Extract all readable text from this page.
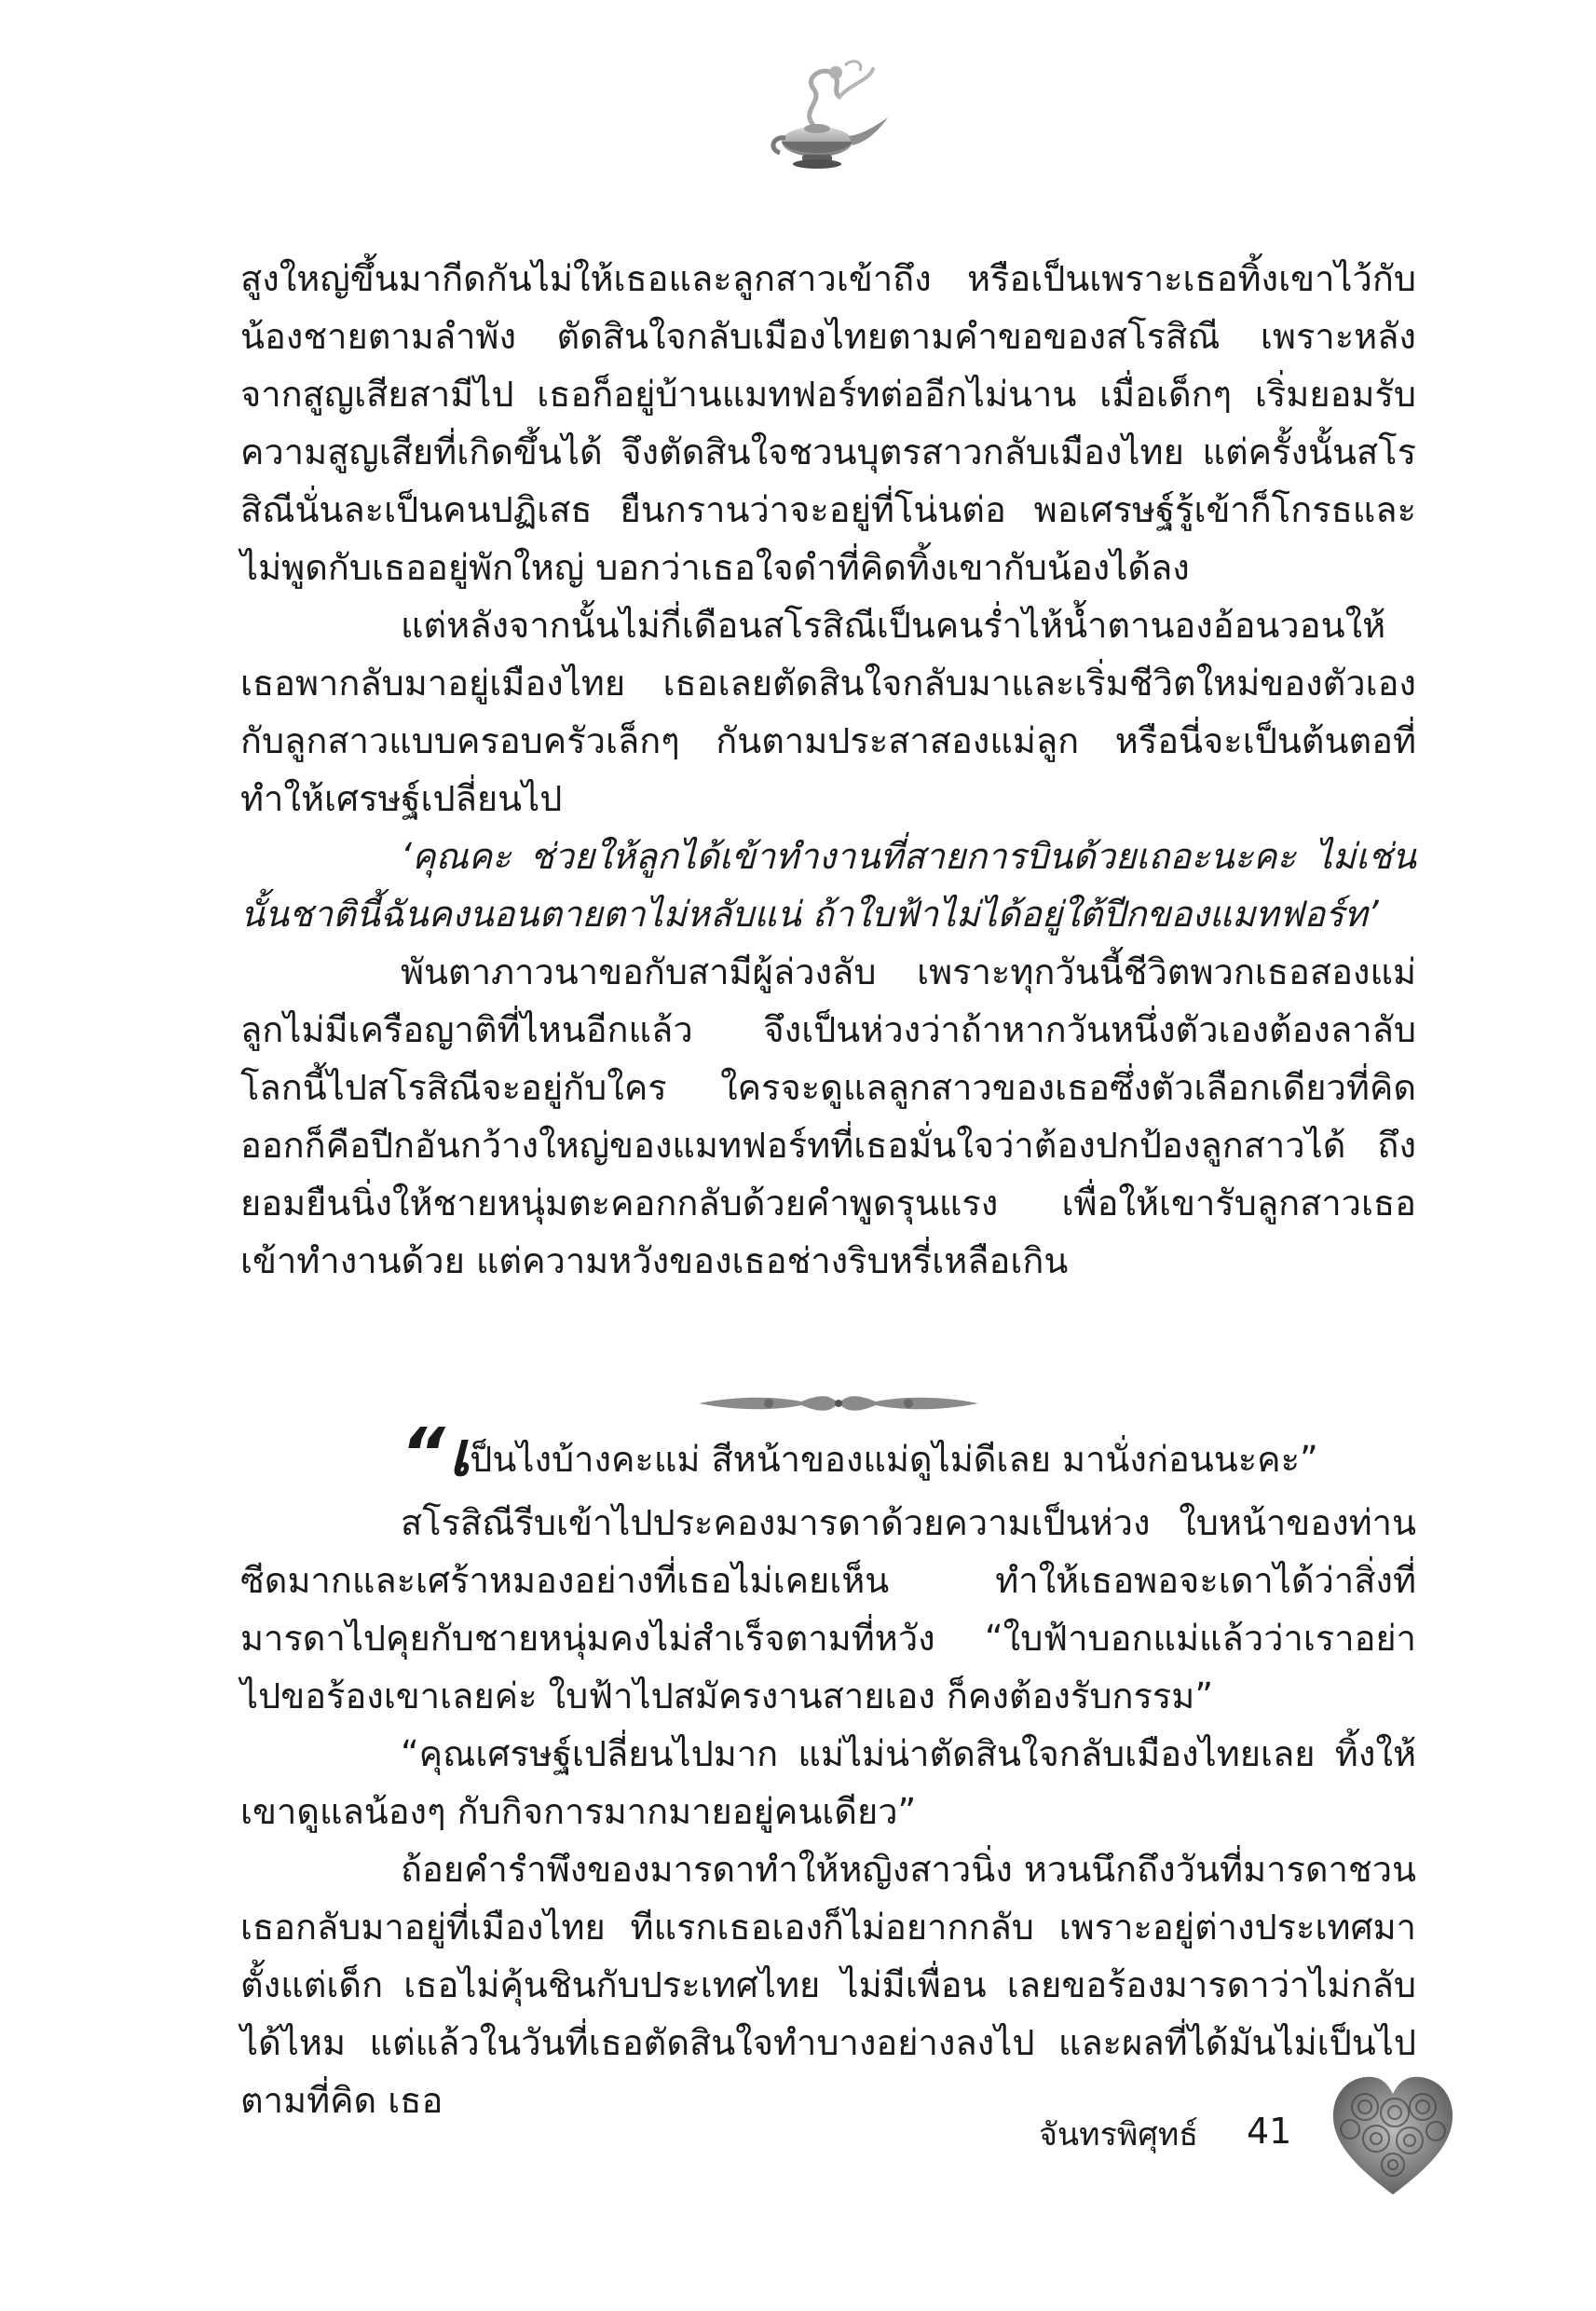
สูงใหญ่ขึ้นมากีดกันไม่ให้เธอและลูกสาวเข้าถึง หรือเป็นเพราะเธอทิ้งเขาไว้กับน้องชายตามลำพัง ตัดสินใจกลับเมืองไทยตามคำขอของสโรสิณี เพราะหลังจากสูญเสียสามีไป เธอก็อยู่บ้านแมทฟอร์ทต่ออีกไม่นาน เมื่อเด็กๆ เริ่มยอมรับความสูญเสียที่เกิดขึ้นได้ จึงตัดสินใจชวนบุตรสาวกลับเมืองไทย แต่ครั้งนั้นสโรสิณีนั่นละเป็นคนปฏิเสธ ยืนกรานว่าจะอยู่ที่โน่นต่อ พอเศรษฐ์รู้เข้าก็โกรธและไม่พูดกับเธออยู่พักใหญ่ บอกว่าเธอใจดำที่คิดทิ้งเขากับน้องได้ลง

แต่หลังจากนั้นไม่กี่เดือนสโรสิณีเป็นคนร่ำไห้น้ำตานองอ้อนวอนให้เธอพากลับมาอยู่เมืองไทย เธอเลยตัดสินใจกลับมาและเริ่มชีวิตใหม่ของตัวเองกับลูกสาวแบบครอบครัวเล็กๆ กันตามประสาสองแม่ลูก หรือนี่จะเป็นต้นตอที่ทำให้เศรษฐ์เปลี่ยนไป

‘คุณคะ ช่วยให้ลูกได้เข้าทำงานที่สายการบินด้วยเถอะนะคะ ไม่เช่นนั้นชาตินี้ฉันคงนอนตายตาไม่หลับแน่ ถ้าใบฟ้าไม่ได้อยู่ใต้ปีกของแมทฟอร์ท’

พันตาภาวนาขอกับสามีผู้ล่วงลับ เพราะทุกวันนี้ชีวิตพวกเธอสองแม่ลูกไม่มีเครือญาติที่ไหนอีกแล้ว จึงเป็นห่วงว่าถ้าหากวันหนึ่งตัวเองต้องลาลับโลกนี้ไปสโรสิณีจะอยู่กับใคร ใครจะดูแลลูกสาวของเธอซึ่งตัวเลือกเดียวที่คิดออกก็คือปีกอันกว้างใหญ่ของแมทฟอร์ทที่เธอมั่นใจว่าต้องปกป้องลูกสาวได้ ถึงยอมยืนนิ่งให้ชายหนุ่มตะคอกกลับด้วยคำพูดรุนแรง เพื่อให้เขารับลูกสาวเธอเข้าทำงานด้วย แต่ความหวังของเธอช่างริบหรี่เหลือเกิน

“เป็นไงบ้างคะแม่ สีหน้าของแม่ดูไม่ดีเลย มานั่งก่อนนะคะ”

สโรสิณีรีบเข้าไปประคองมารดาด้วยความเป็นห่วง ใบหน้าของท่านซีดมากและเศร้าหมองอย่างที่เธอไม่เคยเห็น ทำให้เธอพอจะเดาได้ว่าสิ่งที่มารดาไปคุยกับชายหนุ่มคงไม่สำเร็จตามที่หวัง “ใบฟ้าบอกแม่แล้วว่าเราอย่าไปขอร้องเขาเลยค่ะ ใบฟ้าไปสมัครงานสายเอง ก็คงต้องรับกรรม”

“คุณเศรษฐ์เปลี่ยนไปมาก แม่ไม่น่าตัดสินใจกลับเมืองไทยเลย ทิ้งให้เขาดูแลน้องๆ กับกิจการมากมายอยู่คนเดียว”

ถ้อยคำรำพึงของมารดาทำให้หญิงสาวนิ่ง หวนนึกถึงวันที่มารดาชวนเธอกลับมาอยู่ที่เมืองไทย ทีแรกเธอเองก็ไม่อยากกลับ เพราะอยู่ต่างประเทศมาตั้งแต่เด็ก เธอไม่คุ้นชินกับประเทศไทย ไม่มีเพื่อน เลยขอร้องมารดาว่าไม่กลับได้ไหม แต่แล้วในวันที่เธอตัดสินใจทำบางอย่างลงไป และผลที่ได้มันไม่เป็นไปตามที่คิด เธอ

จันทรพิศุทธ์ 41
